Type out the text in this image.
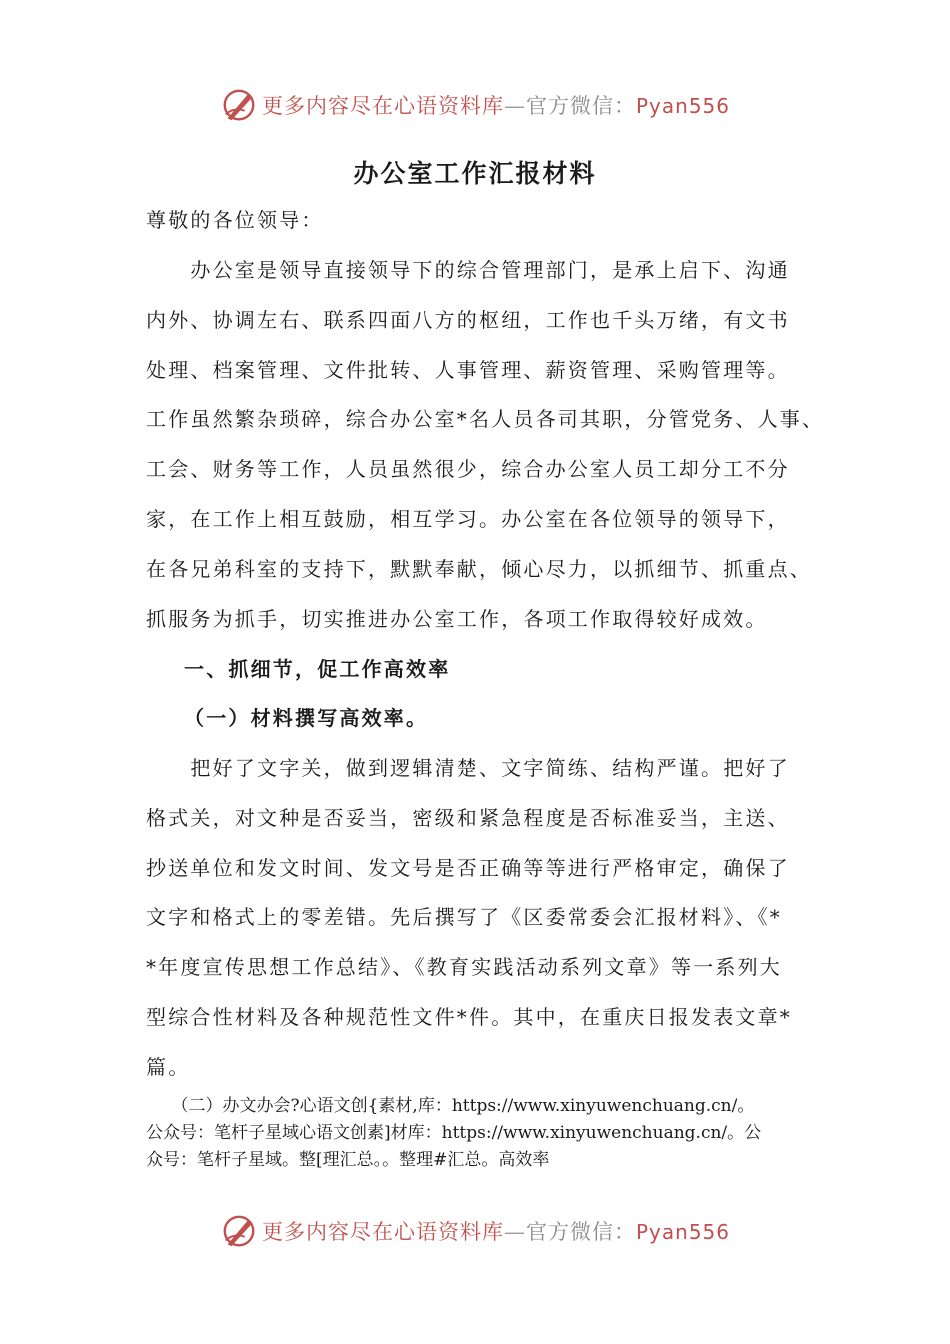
更多内容尽在心语资料库—官方微信：Pyan556
办公室工作汇报材料
尊敬的各位领导：
　　办公室是领导直接领导下的综合管理部门，是承上启下、沟通
内外、协调左右、联系四面八方的枢纽，工作也千头万绪，有文书
处理、档案管理、文件批转、人事管理、薪资管理、采购管理等。
工作虽然繁杂琐碎，综合办公室*名人员各司其职，分管党务、人事、
工会、财务等工作，人员虽然很少，综合办公室人员工却分工不分
家，在工作上相互鼓励，相互学习。办公室在各位领导的领导下，
在各兄弟科室的支持下，默默奉献，倾心尽力，以抓细节、抓重点、
抓服务为抓手，切实推进办公室工作，各项工作取得较好成效。
一、抓细节，促工作高效率
（一）材料撰写高效率。
　　把好了文字关，做到逻辑清楚、文字简练、结构严谨。把好了
格式关，对文种是否妥当，密级和紧急程度是否标准妥当，主送、
抄送单位和发文时间、发文号是否正确等等进行严格审定，确保了
文字和格式上的零差错。先后撰写了《区委常委会汇报材料》、《*
*年度宣传思想工作总结》、《教育实践活动系列文章》等一系列大
型综合性材料及各种规范性文件*件。其中，在重庆日报发表文章*
篇。
　　（二）办文办会?心语文创{素材,库：https://www.xinyuwenchuang.cn/。
公众号：笔杆子星域心语文创素]材库：https://www.xinyuwenchuang.cn/。公
众号：笔杆子星域。整[理汇总。。整理#汇总。高效率
更多内容尽在心语资料库—官方微信：Pyan556
